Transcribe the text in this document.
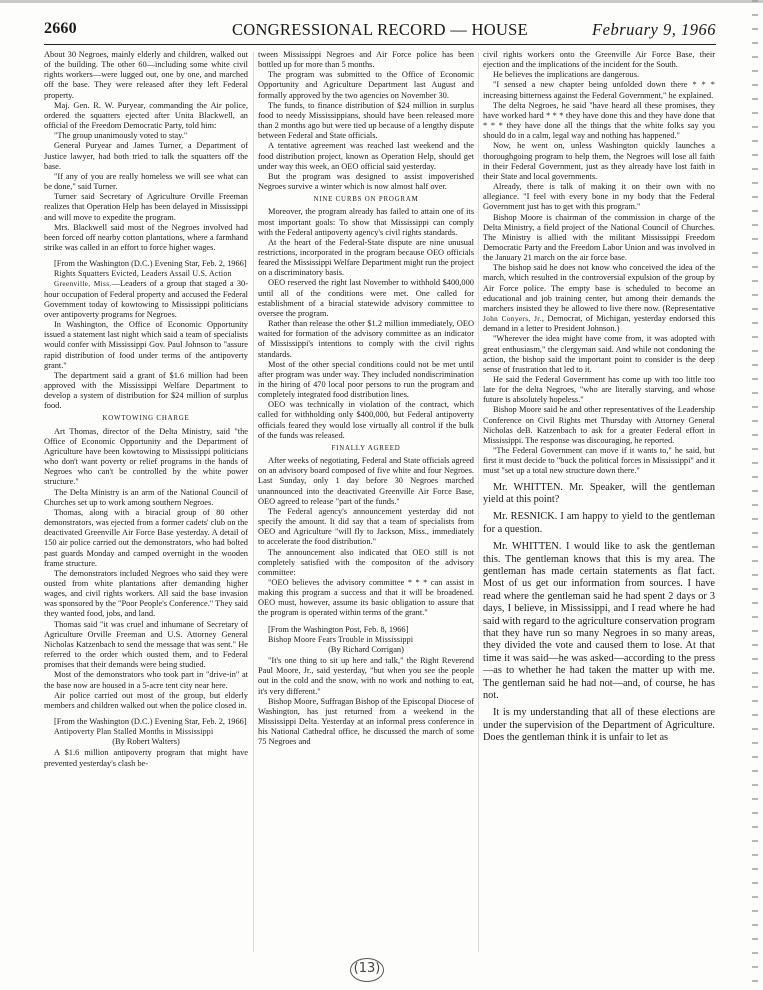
2660	CONGRESSIONAL RECORD — HOUSE	February 9, 1966

About 30 Negroes, mainly elderly and children, walked out of the building. The other 60—including some white civil rights workers—were lugged out, one by one, and marched off the base. They were released after they left Federal property.

Maj. Gen. R. W. Puryear, commanding the Air police, ordered the squatters ejected after Unita Blackwell, an official of the Freedom Democratic Party, told him:

"The group unanimously voted to stay."

General Puryear and James Turner, a Department of Justice lawyer, had both tried to talk the squatters off the base.

"If any of you are really homeless we will see what can be done," said Turner.

Turner said Secretary of Agriculture Orville Freeman realizes that Operation Help has been delayed in Mississippi and will move to expedite the program.

Mrs. Blackwell said most of the Negroes involved had been forced off nearby cotton plantations, where a farmhand strike was called in an effort to force higher wages.

[From the Washington (D.C.) Evening Star, Feb. 2, 1966]

Rights Squatters Evicted, Leaders Assail U.S. Action

Greenville, Miss.—Leaders of a group that staged a 30-hour occupation of Federal property and accused the Federal Government today of kowtowing to Mississippi politicians over antipoverty programs for Negroes.

In Washington, the Office of Economic Opportunity issued a statement last night which said a team of specialists would confer with Mississippi Gov. Paul Johnson to "assure rapid distribution of food under terms of the antipoverty grant."

The department said a grant of $1.6 million had been approved with the Mississippi Welfare Department to develop a system of distribution for $24 million of surplus food.

KOWTOWING CHARGE

Art Thomas, director of the Delta Ministry, said "the Office of Economic Opportunity and the Department of Agriculture have been kowtowing to Mississippi politicians who don't want poverty or relief programs in the hands of Negroes who can't be controlled by the white power structure."

The Delta Ministry is an arm of the National Council of Churches set up to work among southern Negroes.

Thomas, along with a biracial group of 80 other demonstrators, was ejected from a former cadets' club on the deactivated Greenville Air Force Base yesterday. A detail of 150 air police carried out the demonstrators, who had bolted past guards Monday and camped overnight in the wooden frame structure.

The demonstrators included Negroes who said they were ousted from white plantations after demanding higher wages, and civil rights workers. All said the base invasion was sponsored by the "Poor People's Conference." They said they wanted food, jobs, and land.

Thomas said "it was cruel and inhumane of Secretary of Agriculture Orville Freeman and U.S. Attorney General Nicholas Katzenbach to send the message that was sent." He referred to the order which ousted them, and to Federal promises that their demands were being studied.

Most of the demonstrators who took part in "drive-in" at the base now are housed in a 5-acre tent city near here.

Air police carried out most of the group, but elderly members and children walked out when the police closed in.

[From the Washington (D.C.) Evening Star, Feb. 2, 1966]

Antipoverty Plan Stalled Months in Mississippi

(By Robert Walters)

A $1.6 million antipoverty program that might have prevented yesterday's clash be-

tween Mississippi Negroes and Air Force police has been bottled up for more than 5 months.

The program was submitted to the Office of Economic Opportunity and Agriculture Department last August and formally approved by the two agencies on November 30.

The funds, to finance distribution of $24 million in surplus food to needy Mississippians, should have been released more than 2 months ago but were tied up because of a lengthy dispute between Federal and State officials.

A tentative agreement was reached last weekend and the food distribution project, known as Operation Help, should get under way this week, an OEO official said yesterday.

But the program was designed to assist impoverished Negroes survive a winter which is now almost half over.

NINE CURBS ON PROGRAM

Moreover, the program already has failed to attain one of its most important goals: To show that Mississippi can comply with the Federal antipoverty agency's civil rights standards.

At the heart of the Federal-State dispute are nine unusual restrictions, incorporated in the program because OEO officials feared the Mississippi Welfare Department might run the project on a discriminatory basis.

OEO reserved the right last November to withhold $400,000 until all of the conditions were met. One called for establishment of a biracial statewide advisory committee to oversee the program.

Rather than release the other $1.2 million immediately, OEO waited for formation of the advisory committee as an indicator of Mississippi's intentions to comply with the civil rights standards.

Most of the other special conditions could not be met until after program was under way. They included nondiscrimination in the hiring of 470 local poor persons to run the program and completely integrated food distribution lines.

OEO was technically in violation of the contract, which called for withholding only $400,000, but Federal antipoverty officials feared they would lose virtually all control if the bulk of the funds was released.

FINALLY AGREED

After weeks of negotiating, Federal and State officials agreed on an advisory board composed of five white and four Negroes. Last Sunday, only 1 day before 30 Negroes marched unannounced into the deactivated Greenville Air Force Base, OEO agreed to release "part of the funds."

The Federal agency's announcement yesterday did not specify the amount. It did say that a team of specialists from OEO and Agriculture "will fly to Jackson, Miss., immediately to accelerate the food distribution."

The announcement also indicated that OEO still is not completely satisfied with the compositon of the advisory committee:

"OEO believes the advisory committee * * * can assist in making this program a success and that it will be broadened. OEO must, however, assume its basic obligation to assure that the program is operated within terms of the grant."

[From the Washington Post, Feb. 8, 1966]

Bishop Moore Fears Trouble in Mississippi

(By Richard Corrigan)

"It's one thing to sit up here and talk," the Right Reverend Paul Moore, Jr., said yesterday, "but when you see the people out in the cold and the snow, with no work and nothing to eat, it's very different."

Bishop Moore, Suffragan Bishop of the Episcopal Diocese of Washington, has just returned from a weekend in the Mississippi Delta. Yesterday at an informal press conference in his National Cathedral office, he discussed the march of some 75 Negroes and

civil rights workers onto the Greenville Air Force Base, their ejection and the implications of the incident for the South.

He believes the implications are dangerous.

"I sensed a new chapter being unfolded down there * * * increasing bitterness against the Federal Government," he explained.

The delta Negroes, he said "have heard all these promises, they have worked hard * * * they have done this and they have done that * * * they have done all the things that the white folks say you should do in a calm, legal way and nothing has happened."

Now, he went on, unless Washington quickly launches a thoroughgoing program to help them, the Negroes will lose all faith in their Federal Government, just as they already have lost faith in their State and local governments.

Already, there is talk of making it on their own with no allegiance. "I feel with every bone in my body that the Federal Government just has to get with this program."

Bishop Moore is chairman of the commission in charge of the Delta Ministry, a field project of the National Council of Churches. The Ministry is allied with the militant Mississippi Freedom Democratic Party and the Freedom Labor Union and was involved in the January 21 march on the air force base.

The bishop said he does not know who conceived the idea of the march, which resulted in the controversial expulsion of the group by Air Force police. The empty base is scheduled to become an educational and job training center, but among their demands the marchers insisted they be allowed to live there now. (Representative John Conyers, Jr., Democrat, of Michigan, yesterday endorsed this demand in a letter to President Johnson.)

"Wherever the idea might have come from, it was adopted with great enthusiasm," the clergyman said. And while not condoning the action, the bishop said the important point to consider is the deep sense of frustration that led to it.

He said the Federal Government has come up with too little too late for the delta Negroes, "who are literally starving, and whose future is absolutely hopeless."

Bishop Moore said he and other representatives of the Leadership Conference on Civil Rights met Thursday with Attorney General Nicholas deB. Katzenbach to ask for a greater Federal effort in Mississippi. The response was discouraging, he reported.

"The Federal Government can move if it wants to," he said, but first it must decide to "buck the political forces in Mississippi" and it must "set up a total new structure down there."

Mr. WHITTEN. Mr. Speaker, will the gentleman yield at this point?

Mr. RESNICK. I am happy to yield to the gentleman for a question.

Mr. WHITTEN. I would like to ask the gentleman this. The gentleman knows that this is my area. The gentleman has made certain statements as flat fact. Most of us get our information from sources. I have read where the gentleman said he had spent 2 days or 3 days, I believe, in Mississippi, and I read where he had said with regard to the agriculture conservation program that they have run so many Negroes in so many areas, they divided the vote and caused them to lose. At that time it was said—he was asked—according to the press—as to whether he had taken the matter up with me. The gentleman said he had not—and, of course, he has not.

It is my understanding that all of these elections are under the supervision of the Department of Agriculture. Does the gentleman think it is unfair to let as

(13)
